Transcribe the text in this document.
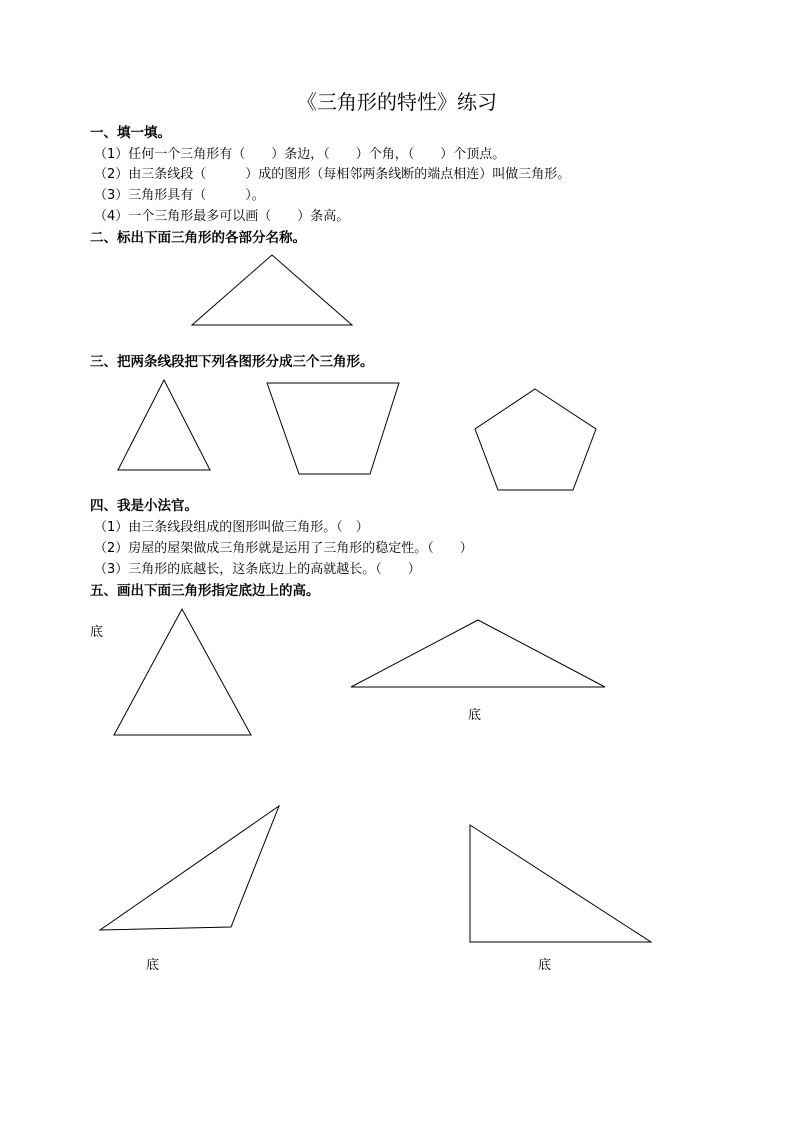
《三角形的特性》练习
一、填一填。
（1）任何一个三角形有（　　）条边，（　　）个角，（　　）个顶点。
（2）由三条线段（　　　）成的图形（每相邻两条线断的端点相连）叫做三角形。
（3）三角形具有（　　　）。
（4）一个三角形最多可以画（　　）条高。
二、标出下面三角形的各部分名称。
三、把两条线段把下列各图形分成三个三角形。
四、我是小法官。
（1）由三条线段组成的图形叫做三角形。（　）
（2）房屋的屋架做成三角形就是运用了三角形的稳定性。（　　）
（3）三角形的底越长，这条底边上的高就越长。（　　）
五、画出下面三角形指定底边上的高。
底
底
底	底
